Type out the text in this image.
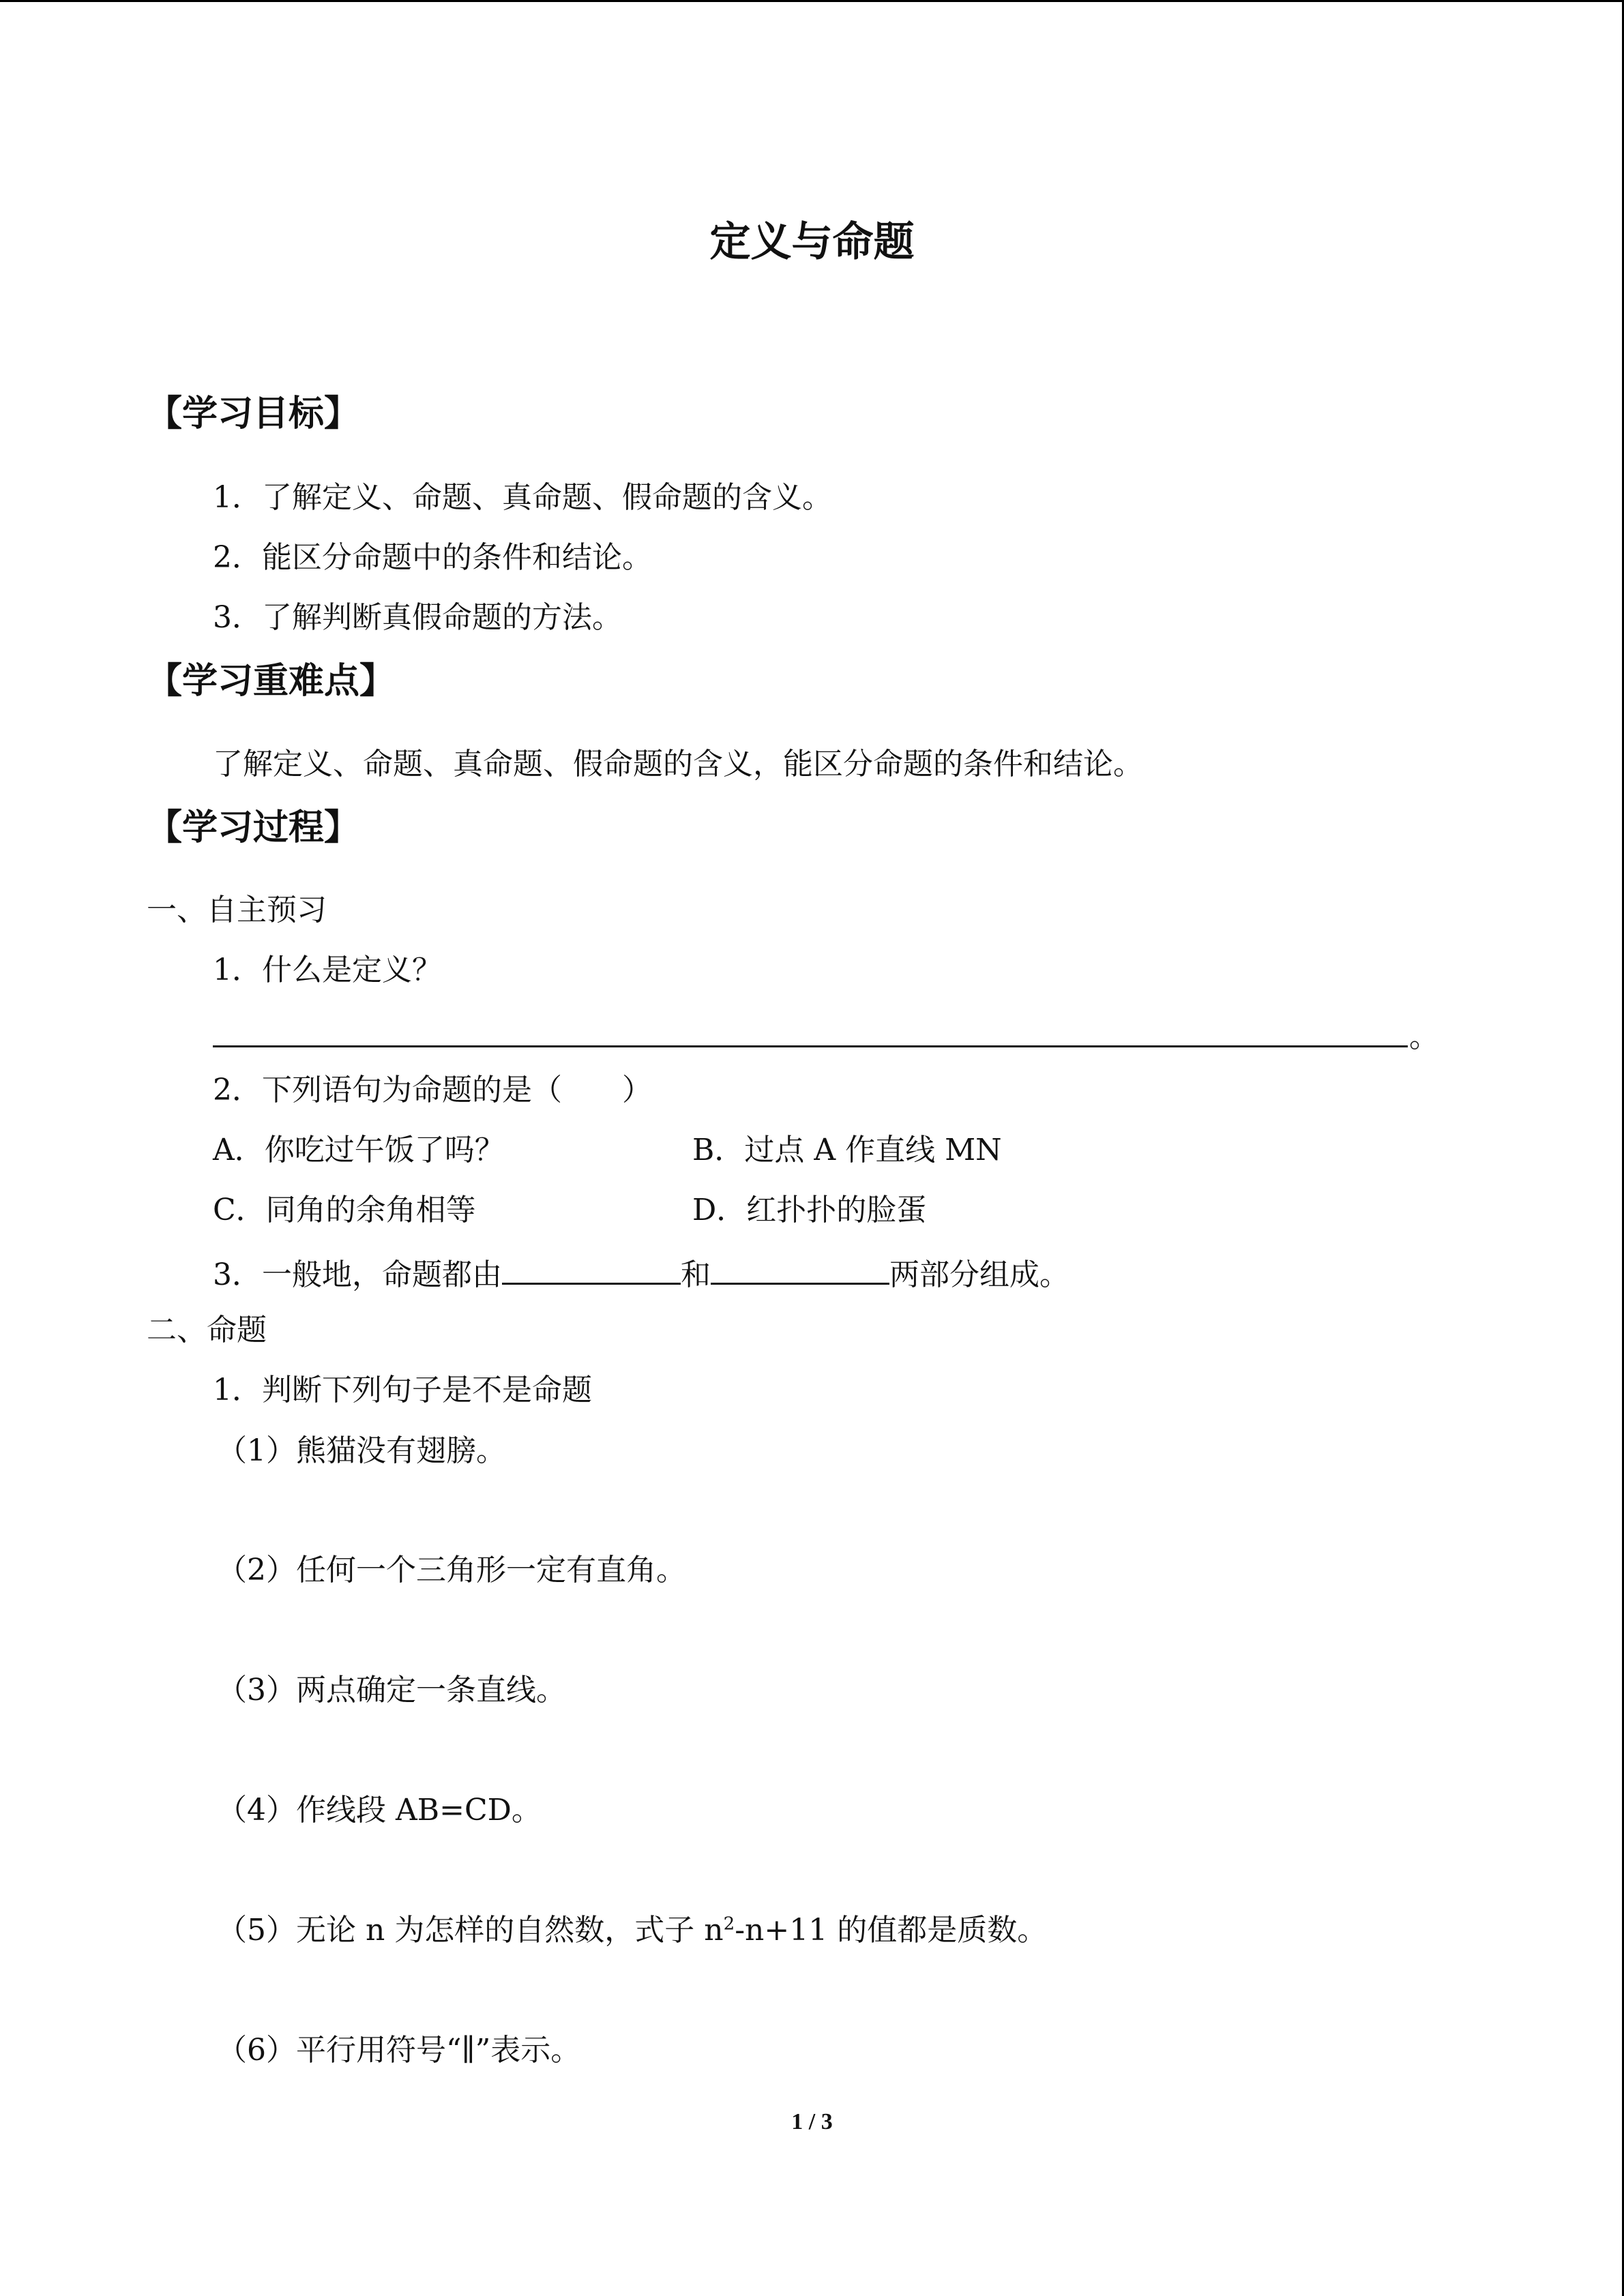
定义与命题
【学习目标】
1．了解定义、命题、真命题、假命题的含义。
2．能区分命题中的条件和结论。
3．了解判断真假命题的方法。
【学习重难点】
了解定义、命题、真命题、假命题的含义，能区分命题的条件和结论。
【学习过程】
一、自主预习
1．什么是定义？
。
2．下列语句为命题的是（　　）
A．你吃过午饭了吗？	B．过点 A 作直线 MN
C．同角的余角相等	D．红扑扑的脸蛋
3．一般地，命题都由	和	两部分组成。
二、命题
1．判断下列句子是不是命题
（1）熊猫没有翅膀。
（2）任何一个三角形一定有直角。
（3）两点确定一条直线。
（4）作线段 AB=CD。
（5）无论 n 为怎样的自然数，式子 $n^2-n+11$ 的值都是质数。
（6）平行用符号“∥”表示。
1 / 3
